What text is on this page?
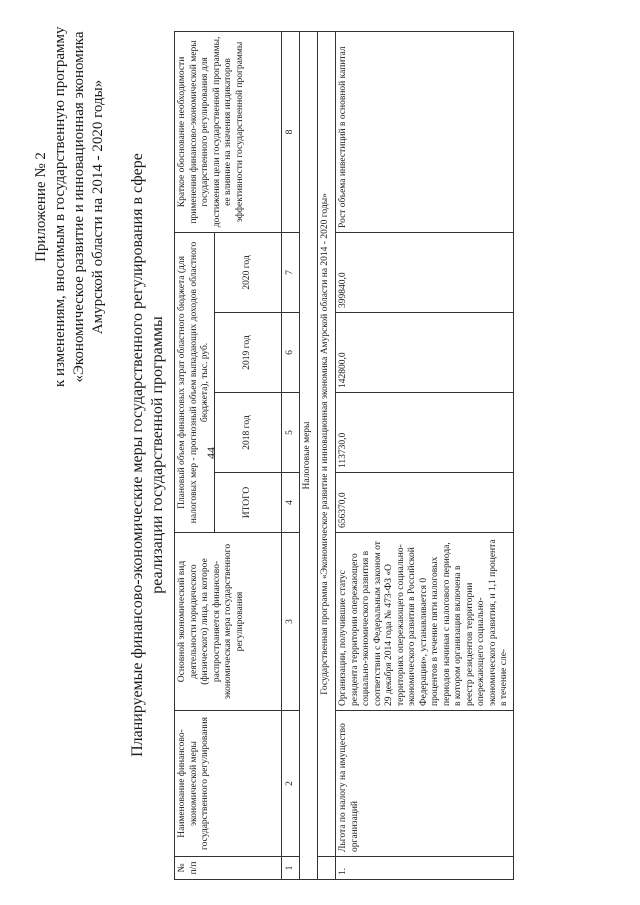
44
Приложение № 2 к изменениям, вносимым в государственную программу «Экономическое развитие и инновационная экономика Амурской области на 2014 - 2020 годы» Планируемые финансово-экономические меры государственного регулирования в сфере реализации государственной программы
№ п/п	Наименование финансово-экономической меры государственного регулирования	Основной экономический вид деятельности юридического (физического) лица, на которое распространяется финансово-экономическая мера государственного регулирования	Плановый объем финансовых затрат областного бюджета (для налоговых мер - прогнозный объем выпадающих доходов областного бюджета), тыс. руб.				Краткое обоснование необходимости применения финансово-экономической меры государственного регулирования для достижения цели государственной программы, ее влияние на значения индикаторов эффективности государственной программы
			ИТОГО	2018 год	2019 год	2020 год	
1	2	3	4	5	6	7	8
Налоговые меры							
	Государственная программа «Экономическое развитие и инновационная экономика Амурской области на 2014 - 2020 годы»						
1.	Льгота по налогу на имущество организаций	Организации, получившие статус резидента территории опережающего социально-экономического развития в соответствии с Федеральным законом от 29 декабря 2014 года № 473-ФЗ «О территориях опережающего социально-экономического развития в Российской Федерации», устанавливается 0 процентов в течение пяти налоговых периодов начиная с налогового периода, в котором организация включена в реестр резидентов территории опережающего социально-экономического развития, и 1,1 процента в течение сле-	656370,0	113730,0	142800,0	399840,0	Рост объема инвестиций в основной капитал
